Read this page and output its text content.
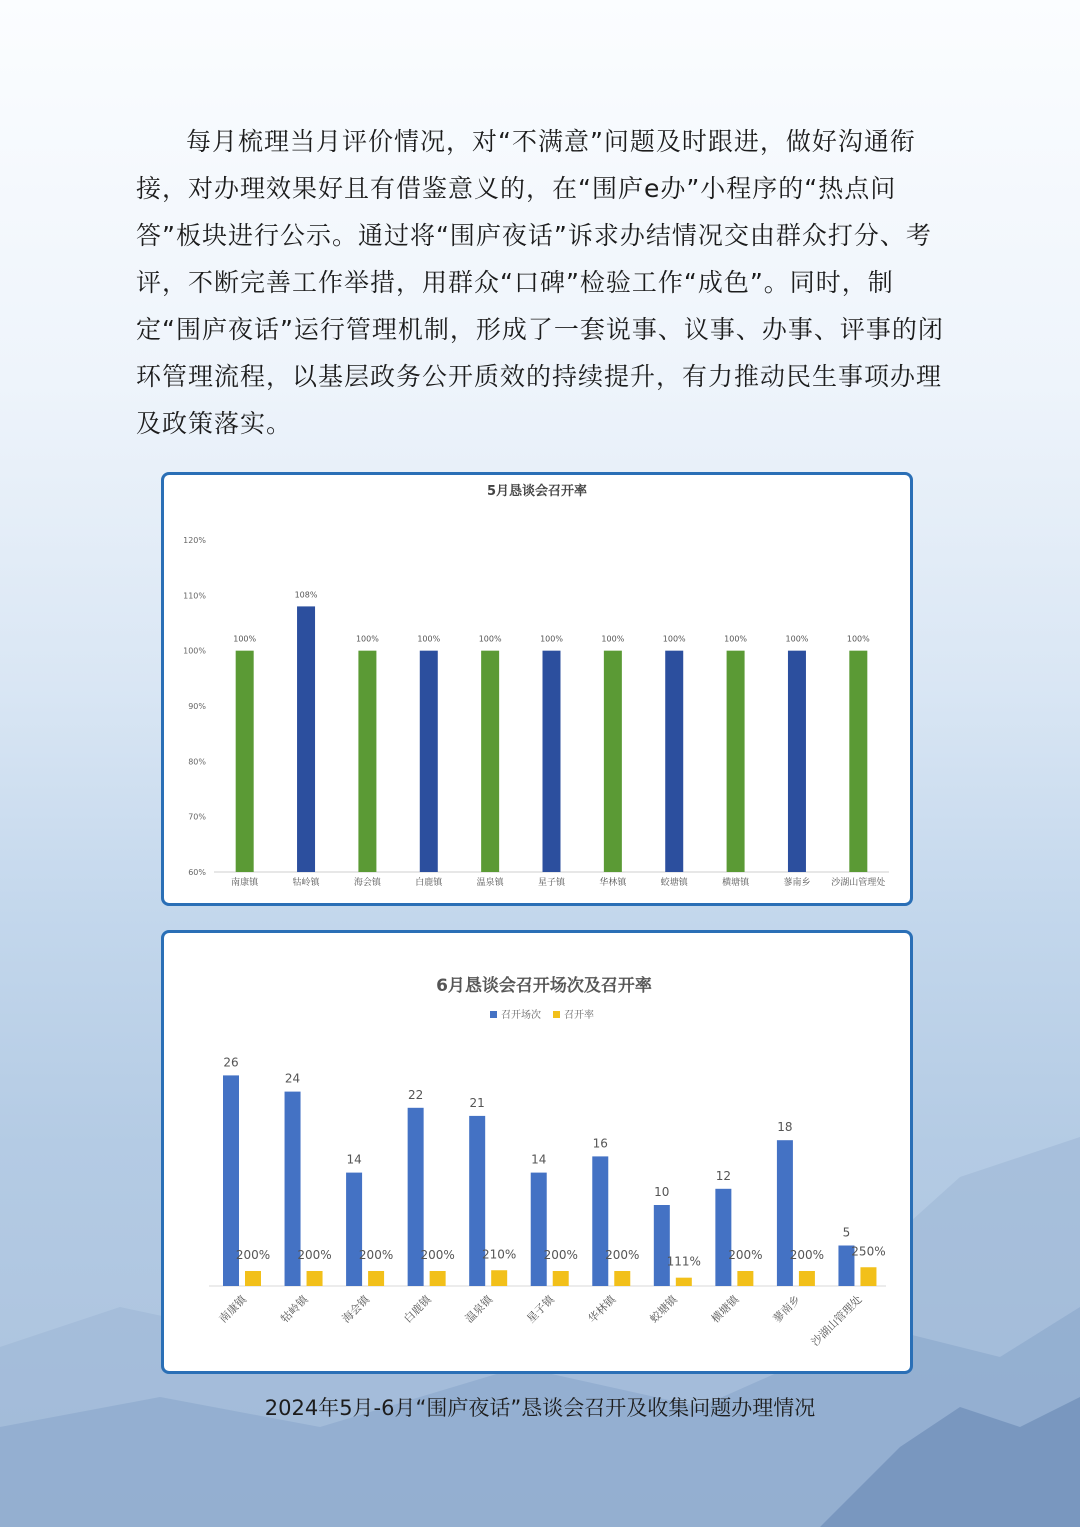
每月梳理当月评价情况，对“不满意”问题及时跟进，做好沟通衔接，对办理效果好且有借鉴意义的，在“围庐e办”小程序的“热点问答”板块进行公示。通过将“围庐夜话”诉求办结情况交由群众打分、考评，不断完善工作举措，用群众“口碑”检验工作“成色”。同时，制定“围庐夜话”运行管理机制，形成了一套说事、议事、办事、评事的闭环管理流程，以基层政务公开质效的持续提升，有力推动民生事项办理及政策落实。

5月恳谈会召开率
60%
70%
80%
90%
100%
110%
120%
100%
南康镇
108%
牯岭镇
100%
海会镇
100%
白鹿镇
100%
温泉镇
100%
星子镇
100%
华林镇
100%
蛟塘镇
100%
横塘镇
100%
蓼南乡
100%
沙湖山管理处
6月恳谈会召开场次及召开率
召开场次 召开率
26
200%
南康镇
24
200%
牯岭镇
14
200%
海会镇
22
200%
白鹿镇
21
210%
温泉镇
14
200%
星子镇
16
200%
华林镇
10
111%
蛟塘镇
12
200%
横塘镇
18
200%
蓼南乡
5
250%
沙湖山管理处
2024年5月-6月“围庐夜话”恳谈会召开及收集问题办理情况
